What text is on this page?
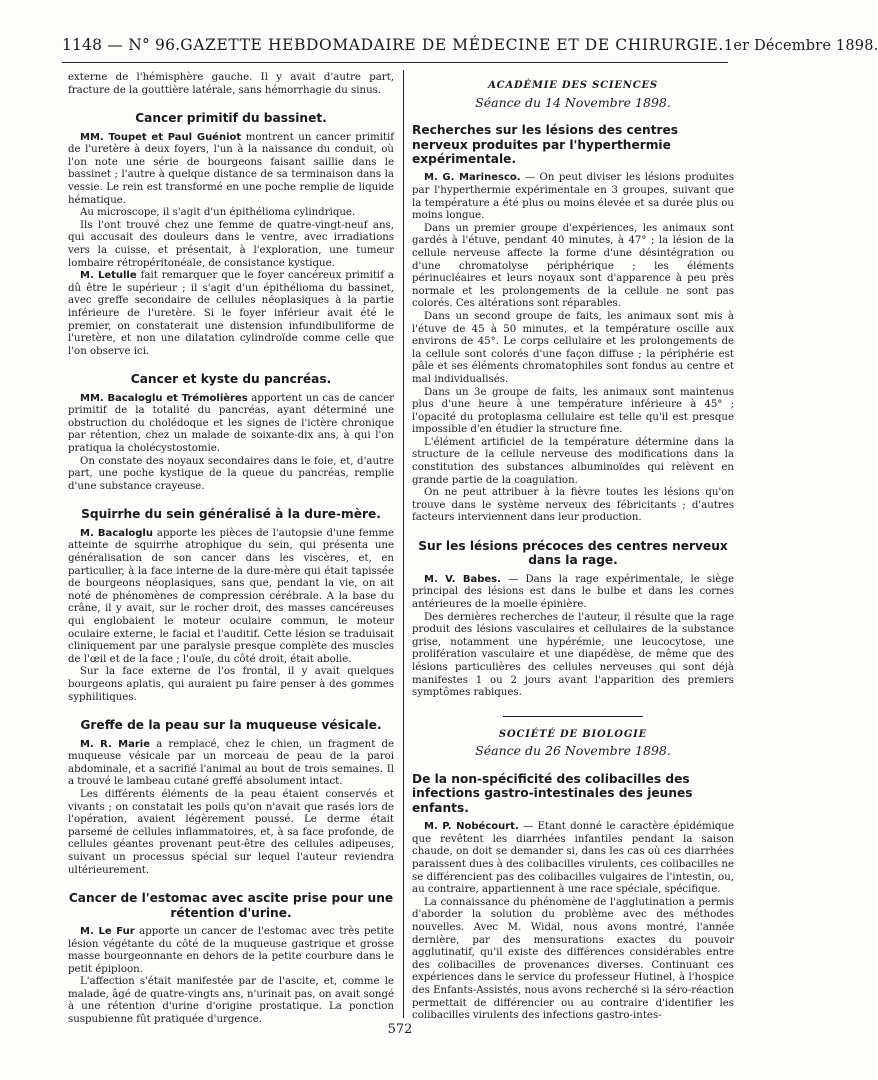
1148 — N° 96. GAZETTE HEBDOMADAIRE DE MÉDECINE ET DE CHIRURGIE. 1er Décembre 1898.

externe de l'hémisphère gauche. Il y avait d'autre part, fracture de la gouttière latérale, sans hémorrhagie du sinus.

Cancer primitif du bassinet.

MM. Toupet et Paul Guéniot montrent un cancer primitif de l'uretère à deux foyers, l'un à la naissance du conduit, où l'on note une série de bourgeons faisant saillie dans le bassinet ; l'autre à quelque distance de sa terminaison dans la vessie. Le rein est transformé en une poche remplie de liquide hématique.

Au microscope, il s'agit d'un épithélioma cylindrique.

Ils l'ont trouvé chez une femme de quatre-vingt-neuf ans, qui accusait des douleurs dans le ventre, avec irradiations vers la cuisse, et présentait, à l'exploration, une tumeur lombaire rétropéritonéale, de consistance kystique.

M. Letulle fait remarquer que le foyer cancéreux primitif a dû être le supérieur ; il s'agit d'un épithélioma du bassinet, avec greffe secondaire de cellules néoplasiques à la partie inférieure de l'uretère. Si le foyer inférieur avait été le premier, on constaterait une distension infundibuliforme de l'uretère, et non une dilatation cylindroïde comme celle que l'on observe ici.

Cancer et kyste du pancréas.

MM. Bacaloglu et Trémolières apportent un cas de cancer primitif de la totalité du pancréas, ayant déterminé une obstruction du cholédoque et les signes de l'ictère chronique par rétention, chez un malade de soixante-dix ans, à qui l'on pratiqua la cholécystostomie.

On constate des noyaux secondaires dans le foie, et, d'autre part, une poche kystique de la queue du pancréas, remplie d'une substance crayeuse.

Squirrhe du sein généralisé à la dure-mère.

M. Bacaloglu apporte les pièces de l'autopsie d'une femme atteinte de squirrhe atrophique du sein, qui présenta une généralisation de son cancer dans les viscères, et, en particulier, à la face interne de la dure-mère qui était tapissée de bourgeons néoplasiques, sans que, pendant la vie, on ait noté de phénomènes de compression cérébrale. A la base du crâne, il y avait, sur le rocher droit, des masses cancéreuses qui englobaient le moteur oculaire commun, le moteur oculaire externe, le facial et l'auditif. Cette lésion se traduisait cliniquement par une paralysie presque complète des muscles de l'œil et de la face ; l'ouïe, du côté droit, était abolie.

Sur la face externe de l'os frontal, il y avait quelques bourgeons aplatis, qui auraient pu faire penser à des gommes syphilitiques.

Greffe de la peau sur la muqueuse vésicale.

M. R. Marie a remplacé, chez le chien, un fragment de muqueuse vésicale par un morceau de peau de la paroi abdominale, et a sacrifié l'animal au bout de trois semaines. Il a trouvé le lambeau cutané greffé absolument intact.

Les différents éléments de la peau étaient conservés et vivants ; on constatait les poils qu'on n'avait que rasés lors de l'opération, avaient légèrement poussé. Le derme était parsemé de cellules inflammatoires, et, à sa face profonde, de cellules géantes provenant peut-être des cellules adipeuses, suivant un processus spécial sur lequel l'auteur reviendra ultérieurement.

Cancer de l'estomac avec ascite prise pour une rétention d'urine.

M. Le Fur apporte un cancer de l'estomac avec très petite lésion végétante du côté de la muqueuse gastrique et grosse masse bourgeonnante en dehors de la petite courbure dans le petit épiploon.

L'affection s'était manifestée par de l'ascite, et, comme le malade, âgé de quatre-vingts ans, n'urinait pas, on avait songé à une rétention d'urine d'origine prostatique. La ponction suspubienne fût pratiquée d'urgence.

ACADÉMIE DES SCIENCES
Séance du 14 Novembre 1898.
Recherches sur les lésions des centres nerveux produites par l'hyperthermie expérimentale.

M. G. Marinesco. — On peut diviser les lésions produites par l'hyperthermie expérimentale en 3 groupes, suivant que la température a été plus ou moins élevée et sa durée plus ou moins longue.

Dans un premier groupe d'expériences, les animaux sont gardés à l'étuve, pendant 40 minutes, à 47° ; la lésion de la cellule nerveuse affecte la forme d'une désintégration ou d'une chromatolyse périphérique ; les éléments périnucléaires et leurs noyaux sont d'apparence à peu près normale et les prolongements de la cellule ne sont pas colorés. Ces altérations sont réparables.

Dans un second groupe de faits, les animaux sont mis à l'étuve de 45 à 50 minutes, et la température oscille aux environs de 45°. Le corps cellulaire et les prolongements de la cellule sont colorés d'une façon diffuse ; la périphérie est pâle et ses éléments chromatophiles sont fondus au centre et mal individualisés.

Dans un 3e groupe de faits, les animaux sont maintenus plus d'une heure à une température inférieure à 45° ; l'opacité du protoplasma cellulaire est telle qu'il est presque impossible d'en étudier la structure fine.

L'élément artificiel de la température détermine dans la structure de la cellule nerveuse des modifications dans la constitution des substances albuminoïdes qui relèvent en grande partie de la coagulation.

On ne peut attribuer à la fièvre toutes les lésions qu'on trouve dans le système nerveux des fébricitants ; d'autres facteurs interviennent dans leur production.

Sur les lésions précoces des centres nerveux dans la rage.

M. V. Babes. — Dans la rage expérimentale, le siège principal des lésions est dans le bulbe et dans les cornes antérieures de la moelle épinière.

Des dernières recherches de l'auteur, il résulte que la rage produit des lésions vasculaires et cellulaires de la substance grise, notamment une hypérémie, une leucocytose, une prolifération vasculaire et une diapédèse, de même que des lésions particulières des cellules nerveuses qui sont déjà manifestes 1 ou 2 jours avant l'apparition des premiers symptômes rabiques.

SOCIÉTÉ DE BIOLOGIE
Séance du 26 Novembre 1898.
De la non-spécificité des colibacilles des infections gastro-intestinales des jeunes enfants.

M. P. Nobécourt. — Etant donné le caractère épidémique que revêtent les diarrhées infantiles pendant la saison chaude, on doit se demander si, dans les cas où ces diarrhées paraissent dues à des colibacilles virulents, ces colibacilles ne se différencient pas des colibacilles vulgaires de l'intestin, ou, au contraire, appartiennent à une race spéciale, spécifique.

La connaissance du phénomène de l'agglutination a permis d'aborder la solution du problème avec des méthodes nouvelles. Avec M. Widal, nous avons montré, l'année dernière, par des mensurations exactes du pouvoir agglutinatif, qu'il existe des différences considérables entre des colibacilles de provenances diverses. Continuant ces expériences dans le service du professeur Hutinel, à l'hospice des Enfants-Assistés, nous avons recherché si la séro-réaction permettait de différencier ou au contraire d'identifier les colibacilles virulents des infections gastro-intes-

572
